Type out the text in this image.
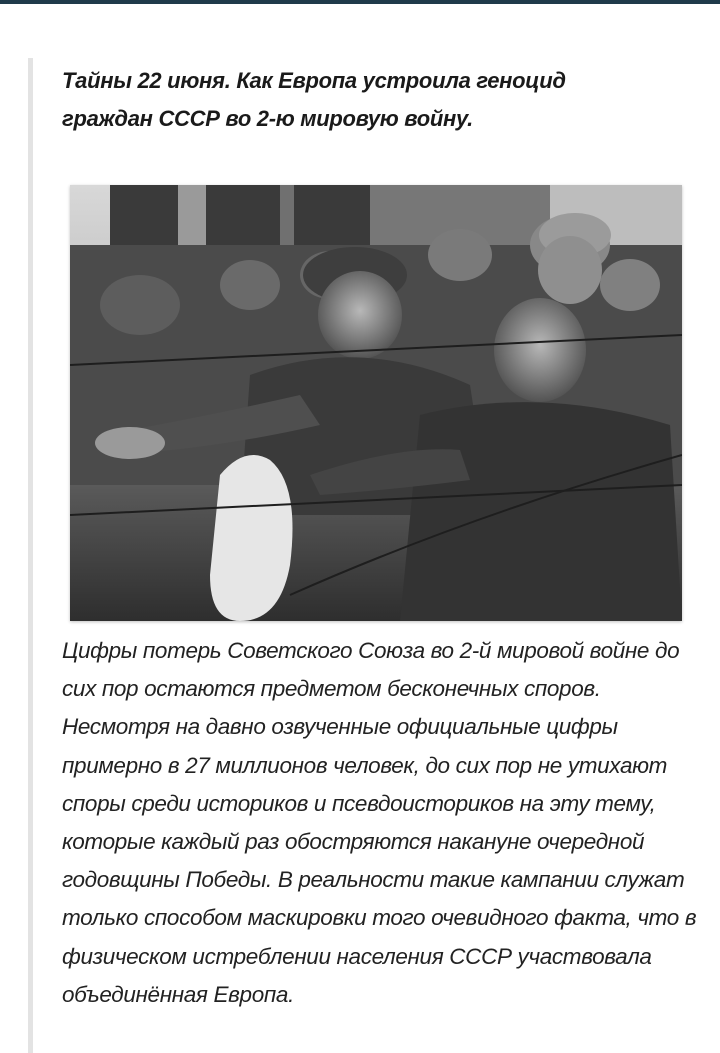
Тайны 22 июня. Как Европа устроила геноцид граждан СССР во 2-ю мировую войну.

Цифры потерь Советского Союза во 2-й мировой войне до сих пор остаются предметом бесконечных споров. Несмотря на давно озвученные официальные цифры примерно в 27 миллионов человек, до сих пор не утихают споры среди историков и псевдоисториков на эту тему, которые каждый раз обостряются накануне очередной годовщины Победы. В реальности такие кампании служат только способом маскировки того очевидного факта, что в физическом истреблении населения СССР участвовала объединённая Европа.
